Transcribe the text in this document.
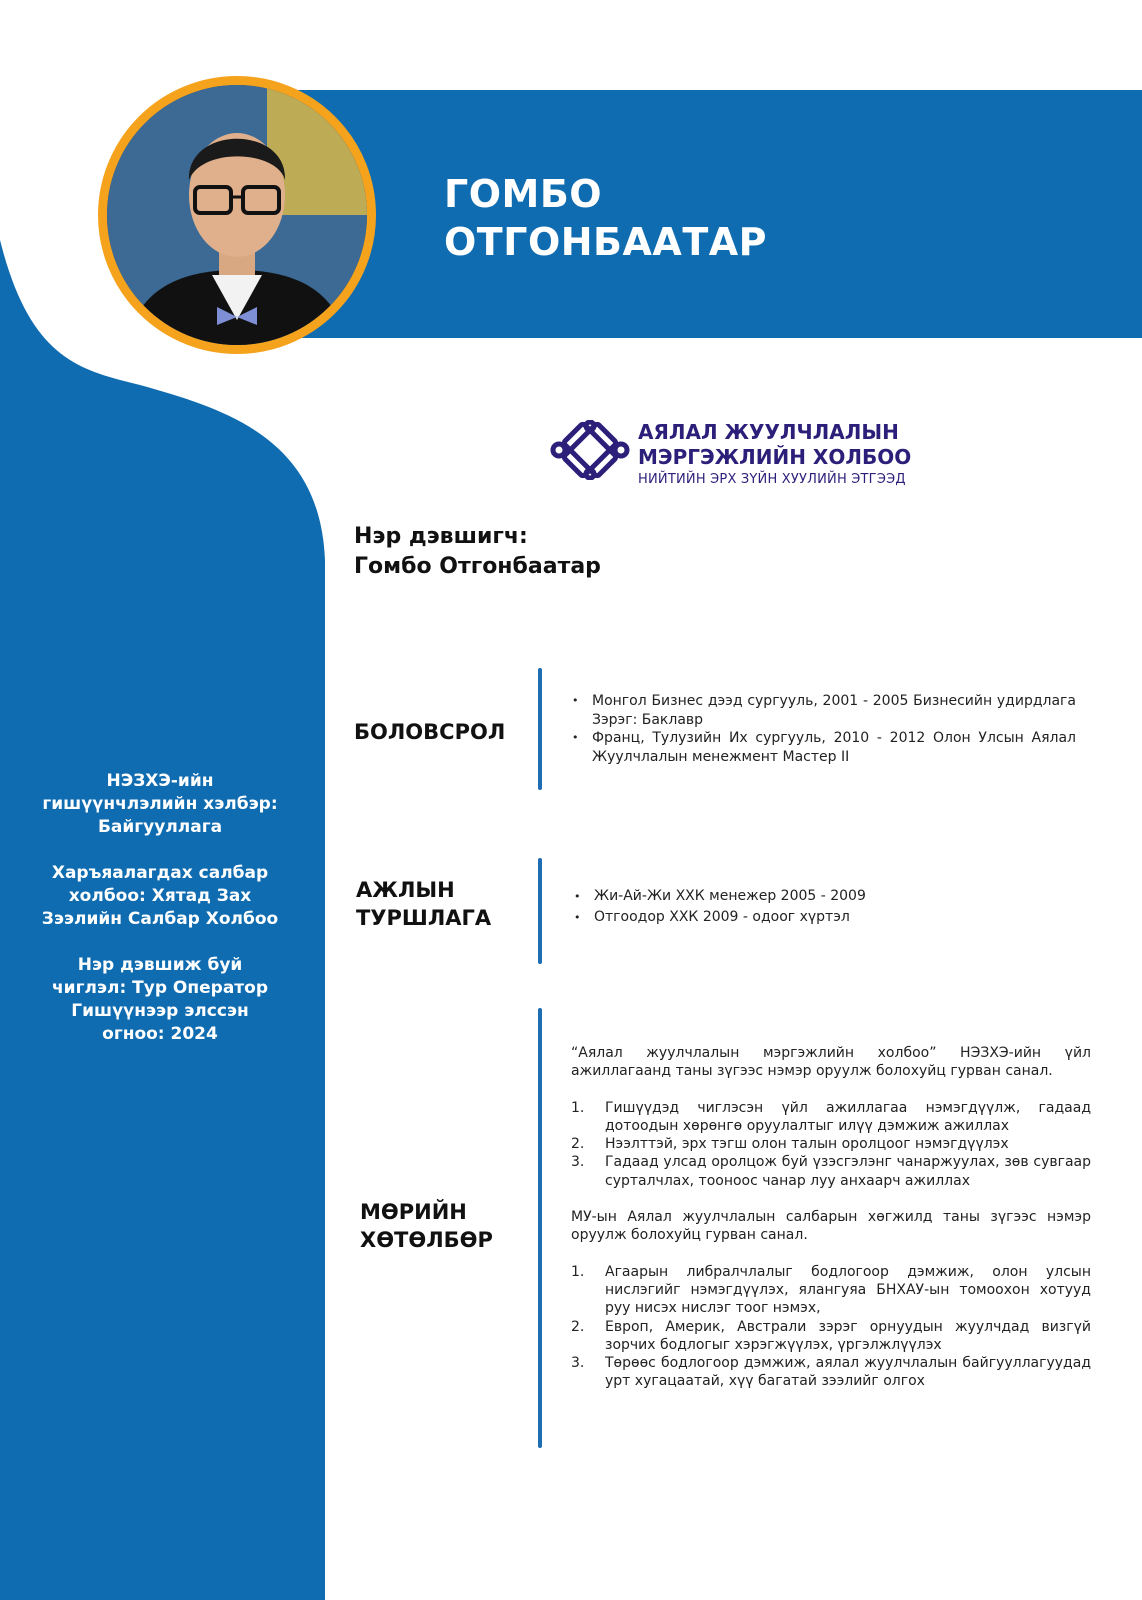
ГОМБО
ОТГОНБААТАР
АЯЛАЛ ЖУУЛЧЛАЛЫН
МЭРГЭЖЛИЙН ХОЛБОО
НИЙТИЙН ЭРХ ЗҮЙН ХУУЛИЙН ЭТГЭЭД
Нэр дэвшигч:
Гомбо Отгонбаатар

НЭЗХЭ-ийн гишүүнчлэлийн хэлбэр: Байгууллага

Харъяалагдах салбар холбоо: Хятад Зах Зээлийн Салбар Холбоо

Нэр дэвшиж буй чиглэл: Тур Оператор Гишүүнээр элссэн огноо: 2024

БОЛОВСРОЛ
• Монгол Бизнес дээд сургууль, 2001 - 2005 Бизнесийн удирдлага Зэрэг: Баклавр
• Франц, Тулузийн Их сургууль, 2010 - 2012 Олон Улсын Аялал Жуулчлалын менежмент Мастер II
АЖЛЫН
ТУРШЛАГА
• Жи-Ай-Жи ХХК менежер 2005 - 2009
• Отгоодор ХХК 2009 - одоог хүртэл
МӨРИЙН
ХӨТӨЛБӨР

“Аялал жуулчлалын мэргэжлийн холбоо” НЭЗХЭ-ийн үйл ажиллагаанд таны зүгээс нэмэр оруулж болохуйц гурван санал.

1. Гишүүдэд чиглэсэн үйл ажиллагаа нэмэгдүүлж, гадаад дотоодын хөрөнгө оруулалтыг илүү дэмжиж ажиллах
2. Нээлттэй, эрх тэгш олон талын оролцоог нэмэгдүүлэх
3. Гадаад улсад оролцож буй үзэсгэлэнг чанаржуулах, зөв сувгаар сурталчлах, тооноос чанар луу анхаарч ажиллах

МУ-ын Аялал жуулчлалын салбарын хөгжилд таны зүгээс нэмэр оруулж болохуйц гурван санал.

1. Агаарын либралчлалыг бодлогоор дэмжиж, олон улсын нислэгийг нэмэгдүүлэх, ялангуяа БНХАУ-ын томоохон хотууд руу нисэх нислэг тоог нэмэх,
2. Европ, Америк, Австрали зэрэг орнуудын жуулчдад визгүй зорчих бодлогыг хэрэгжүүлэх, үргэлжлүүлэх
3. Төрөөс бодлогоор дэмжиж, аялал жуулчлалын байгууллагуудад урт хугацаатай, хүү багатай зээлийг олгох
